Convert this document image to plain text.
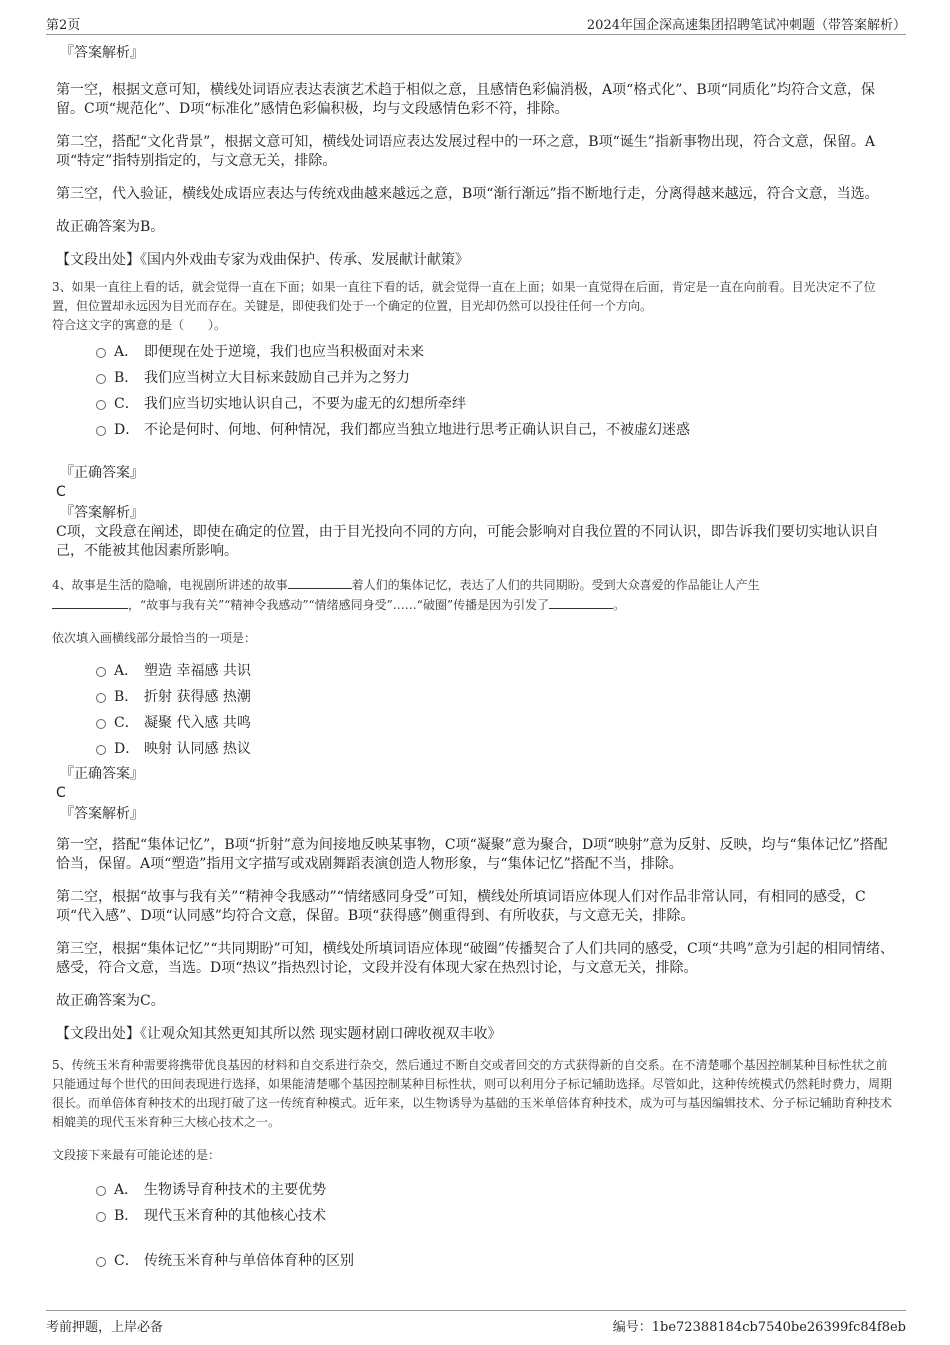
第2页	2024年国企深高速集团招聘笔试冲刺题（带答案解析）
『答案解析』
第一空，根据文意可知，横线处词语应表达表演艺术趋于相似之意，且感情色彩偏消极，A项“格式化”、B项“同质化”均符合文意，保留。C项“规范化”、D项“标准化”感情色彩偏积极，均与文段感情色彩不符，排除。
第二空，搭配“文化背景”，根据文意可知，横线处词语应表达发展过程中的一环之意，B项“诞生”指新事物出现，符合文意，保留。A项“特定”指特别指定的，与文意无关，排除。
第三空，代入验证，横线处成语应表达与传统戏曲越来越远之意，B项“渐行渐远”指不断地行走，分离得越来越远，符合文意，当选。
故正确答案为B。
【文段出处】《国内外戏曲专家为戏曲保护、传承、发展献计献策》
3、如果一直往上看的话，就会觉得一直在下面；如果一直往下看的话，就会觉得一直在上面；如果一直觉得在后面，肯定是一直在向前看。目光决定不了位置，但位置却永远因为目光而存在。关键是，即使我们处于一个确定的位置，目光却仍然可以投往任何一个方向。
符合这文字的寓意的是（　　）。
A． 即便现在处于逆境，我们也应当积极面对未来
B． 我们应当树立大目标来鼓励自己并为之努力
C． 我们应当切实地认识自己，不要为虚无的幻想所牵绊
D． 不论是何时、何地、何种情况，我们都应当独立地进行思考正确认识自己，不被虚幻迷惑
『正确答案』
C
『答案解析』
C项，文段意在阐述，即使在确定的位置，由于目光投向不同的方向，可能会影响对自我位置的不同认识，即告诉我们要切实地认识自己，不能被其他因素所影响。
4、故事是生活的隐喻，电视剧所讲述的故事	着人们的集体记忆，表达了人们的共同期盼。受到大众喜爱的作品能让人产生
，“故事与我有关”“精神令我感动”“情绪感同身受”……“破圈”传播是因为引发了	。
依次填入画横线部分最恰当的一项是：
A． 塑造 幸福感 共识
B． 折射 获得感 热潮
C． 凝聚 代入感 共鸣
D． 映射 认同感 热议
『正确答案』
C
『答案解析』
第一空，搭配“集体记忆”，B项“折射”意为间接地反映某事物，C项“凝聚”意为聚合，D项“映射”意为反射、反映，均与“集体记忆”搭配恰当，保留。A项“塑造”指用文字描写或戏剧舞蹈表演创造人物形象，与“集体记忆”搭配不当，排除。
第二空，根据“故事与我有关”“精神令我感动”“情绪感同身受”可知，横线处所填词语应体现人们对作品非常认同，有相同的感受，C项“代入感”、D项“认同感”均符合文意，保留。B项“获得感”侧重得到、有所收获，与文意无关，排除。
第三空，根据“集体记忆”“共同期盼”可知，横线处所填词语应体现“破圈”传播契合了人们共同的感受，C项“共鸣”意为引起的相同情绪、感受，符合文意，当选。D项“热议”指热烈讨论，文段并没有体现大家在热烈讨论，与文意无关，排除。
故正确答案为C。
【文段出处】《让观众知其然更知其所以然 现实题材剧口碑收视双丰收》
5、传统玉米育种需要将携带优良基因的材料和自交系进行杂交，然后通过不断自交或者回交的方式获得新的自交系。在不清楚哪个基因控制某种目标性状之前只能通过每个世代的田间表现进行选择，如果能清楚哪个基因控制某种目标性状，则可以利用分子标记辅助选择。尽管如此，这种传统模式仍然耗时费力，周期很长。而单倍体育种技术的出现打破了这一传统育种模式。近年来，以生物诱导为基础的玉米单倍体育种技术，成为可与基因编辑技术、分子标记辅助育种技术相媲美的现代玉米育种三大核心技术之一。
文段接下来最有可能论述的是：
A． 生物诱导育种技术的主要优势
B． 现代玉米育种的其他核心技术
C． 传统玉米育种与单倍体育种的区别
考前押题，上岸必备	编号：1be72388184cb7540be26399fc84f8eb
